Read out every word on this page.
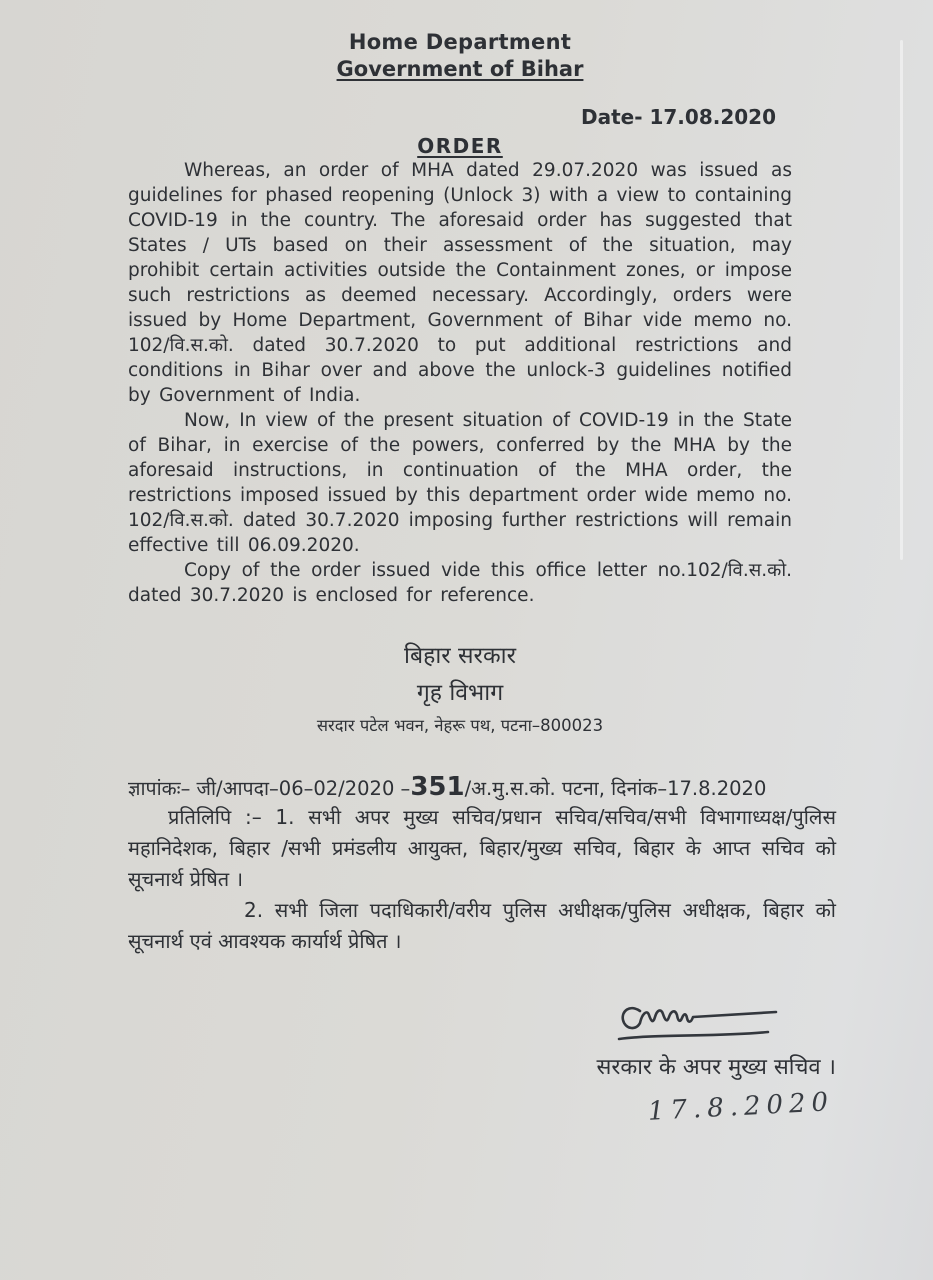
Home Department
Government of Bihar
Date- 17.08.2020
ORDER

Whereas, an order of MHA dated 29.07.2020 was issued as guidelines for phased reopening (Unlock 3) with a view to containing COVID-19 in the country. The aforesaid order has suggested that States / UTs based on their assessment of the situation, may prohibit certain activities outside the Containment zones, or impose such restrictions as deemed necessary. Accordingly, orders were issued by Home Department, Government of Bihar vide memo no. 102/वि.स.को. dated 30.7.2020 to put additional restrictions and conditions in Bihar over and above the unlock-3 guidelines notified by Government of India.

Now, In view of the present situation of COVID-19 in the State of Bihar, in exercise of the powers, conferred by the MHA by the aforesaid instructions, in continuation of the MHA order, the restrictions imposed issued by this department order wide memo no. 102/वि.स.को. dated 30.7.2020 imposing further restrictions will remain effective till 06.09.2020.

Copy of the order issued vide this office letter no.102/वि.स.को. dated 30.7.2020 is enclosed for reference.

बिहार सरकार
गृह विभाग
सरदार पटेल भवन, नेहरू पथ, पटना–800023
ज्ञापांकः– जी/आपदा–06–02/2020 –351/अ.मु.स.को. पटना, दिनांक–17.8.2020

प्रतिलिपि :– 1. सभी अपर मुख्य सचिव/प्रधान सचिव/सचिव/सभी विभागाध्यक्ष/पुलिस महानिदेशक, बिहार /सभी प्रमंडलीय आयुक्त, बिहार/मुख्य सचिव, बिहार के आप्त सचिव को सूचनार्थ प्रेषित ।

2. सभी जिला पदाधिकारी/वरीय पुलिस अधीक्षक/पुलिस अधीक्षक, बिहार को सूचनार्थ एवं आवश्यक कार्यार्थ प्रेषित ।

सरकार के अपर मुख्य सचिव ।
17.8.2020
